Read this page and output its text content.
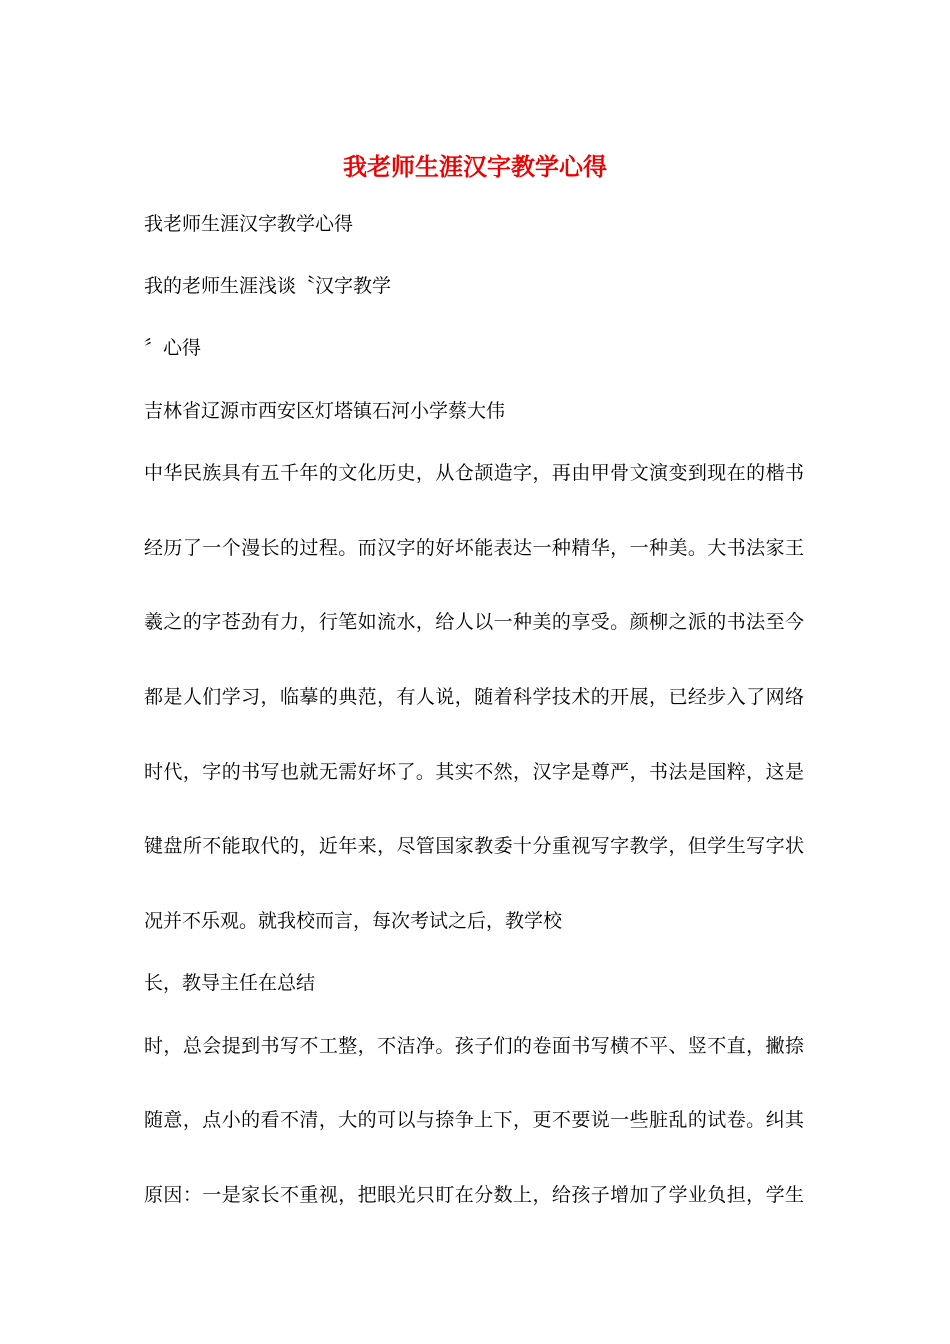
我老师生涯汉字教学心得

我老师生涯汉字教学心得

我的老师生涯浅谈〝汉字教学

〞心得

吉林省辽源市西安区灯塔镇石河小学蔡大伟

中华民族具有五千年的文化历史，从仓颉造字，再由甲骨文演变到现在的楷书

经历了一个漫长的过程。而汉字的好坏能表达一种精华，一种美。大书法家王

羲之的字苍劲有力，行笔如流水，给人以一种美的享受。颜柳之派的书法至今

都是人们学习，临摹的典范，有人说，随着科学技术的开展，已经步入了网络

时代，字的书写也就无需好坏了。其实不然，汉字是尊严，书法是国粹，这是

键盘所不能取代的，近年来，尽管国家教委十分重视写字教学，但学生写字状

况并不乐观。就我校而言，每次考试之后，教学校

长，教导主任在总结

时，总会提到书写不工整，不洁净。孩子们的卷面书写横不平、竖不直，撇捺

随意，点小的看不清，大的可以与捺争上下，更不要说一些脏乱的试卷。纠其

原因：一是家长不重视，把眼光只盯在分数上，给孩子增加了学业负担，学生
